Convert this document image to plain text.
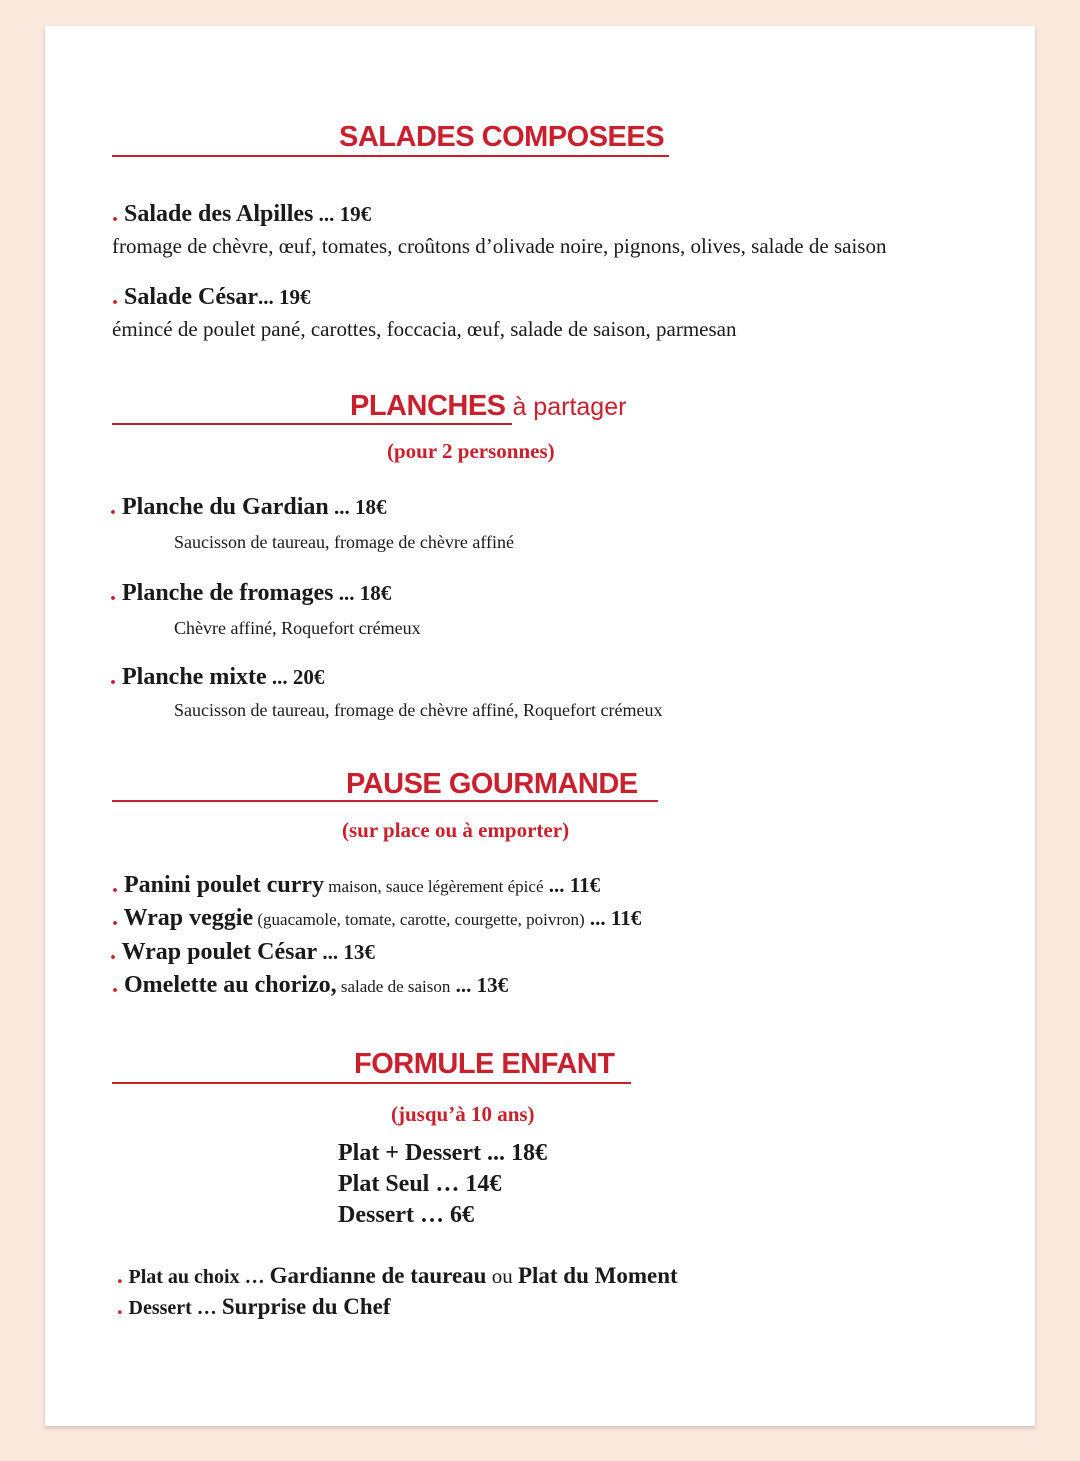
SALADES COMPOSEES
. Salade des Alpilles ... 19€
fromage de chèvre, œuf, tomates, croûtons d’olivade noire, pignons, olives, salade de saison
. Salade César... 19€
émincé de poulet pané, carottes, foccacia, œuf, salade de saison, parmesan
PLANCHES à partager
(pour 2 personnes)
. Planche du Gardian ... 18€
Saucisson de taureau, fromage de chèvre affiné
. Planche de fromages ... 18€
Chèvre affiné, Roquefort crémeux
. Planche mixte ... 20€
Saucisson de taureau, fromage de chèvre affiné, Roquefort crémeux
PAUSE GOURMANDE
(sur place ou à emporter)
. Panini poulet curry maison, sauce légèrement épicé ... 11€
. Wrap veggie (guacamole, tomate, carotte, courgette, poivron) ... 11€
. Wrap poulet César ... 13€
. Omelette au chorizo, salade de saison ... 13€
FORMULE ENFANT
(jusqu’à 10 ans)
Plat + Dessert ... 18€
Plat Seul … 14€
Dessert … 6€
. Plat au choix … Gardianne de taureau ou Plat du Moment
. Dessert … Surprise du Chef
